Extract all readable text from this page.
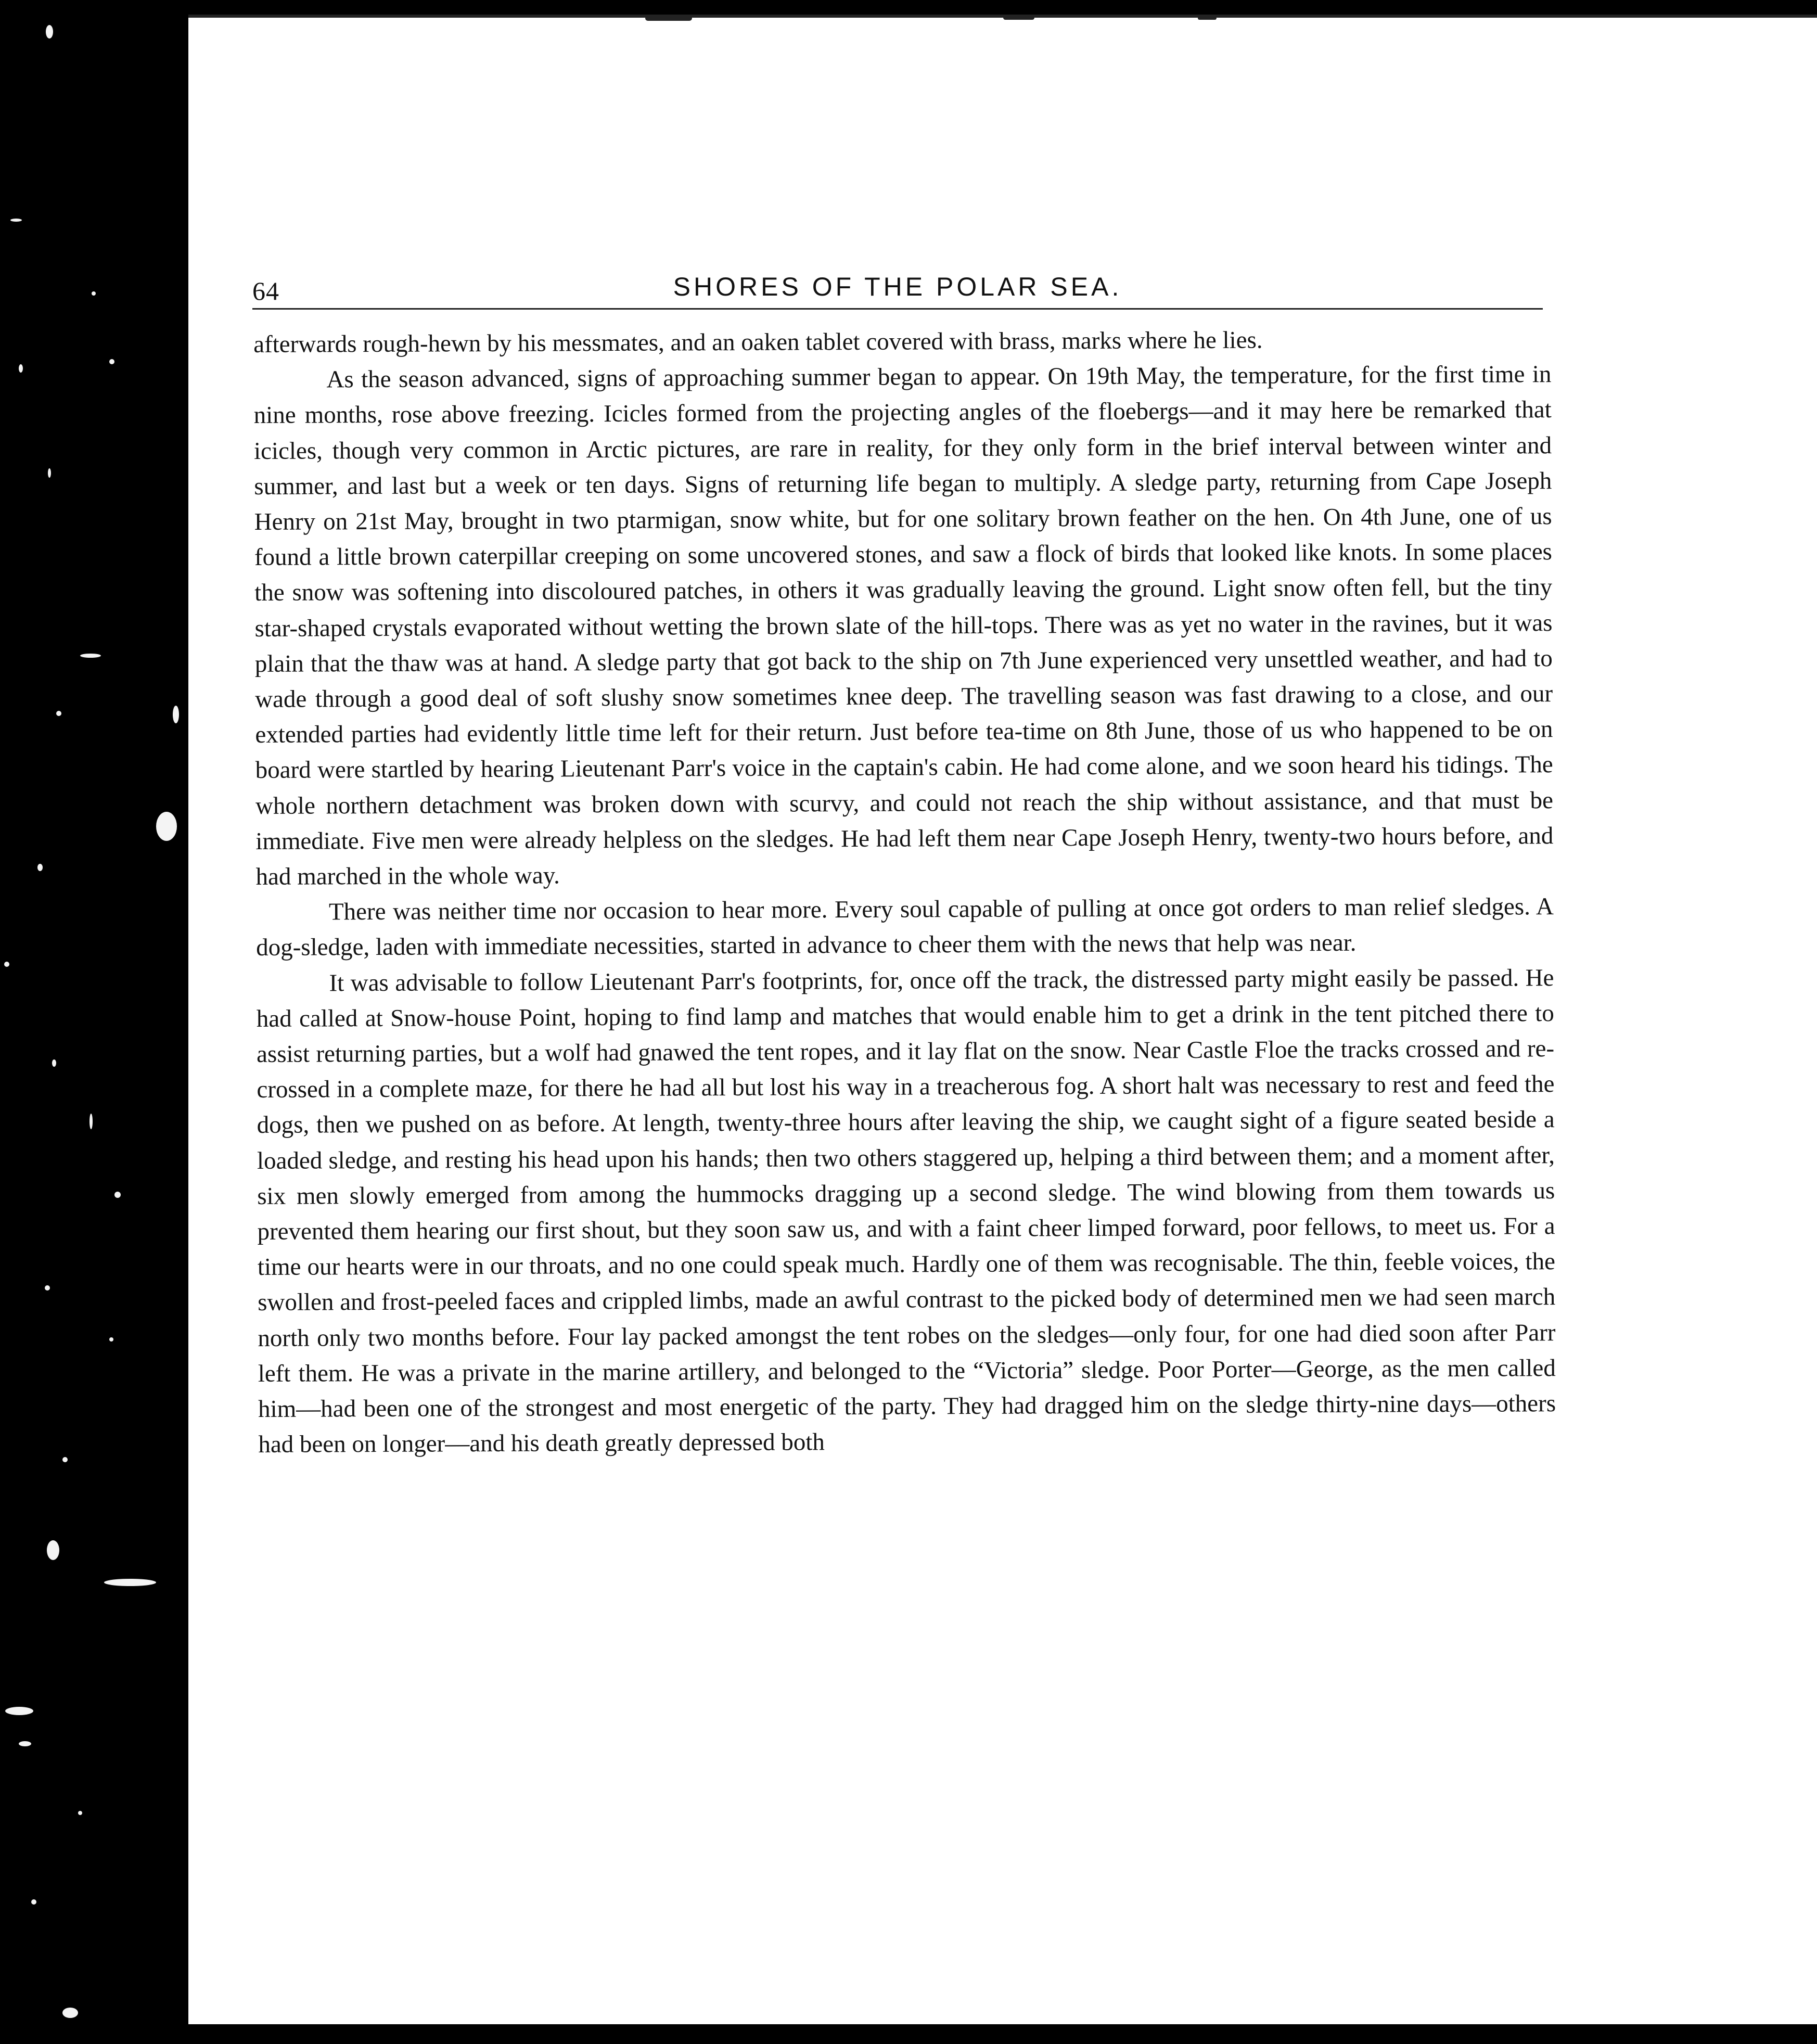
64	SHORES OF THE POLAR SEA.

afterwards rough-hewn by his messmates, and an oaken tablet covered with brass, marks where he lies.

As the season advanced, signs of approaching summer began to appear. On 19th May, the temperature, for the first time in nine months, rose above freezing. Icicles formed from the projecting angles of the floebergs—and it may here be remarked that icicles, though very common in Arctic pictures, are rare in reality, for they only form in the brief interval between winter and summer, and last but a week or ten days. Signs of returning life began to multiply. A sledge party, returning from Cape Joseph Henry on 21st May, brought in two ptarmigan, snow white, but for one solitary brown feather on the hen. On 4th June, one of us found a little brown caterpillar creeping on some uncovered stones, and saw a flock of birds that looked like knots. In some places the snow was softening into discoloured patches, in others it was gradually leaving the ground. Light snow often fell, but the tiny star-shaped crystals evaporated without wetting the brown slate of the hill-tops. There was as yet no water in the ravines, but it was plain that the thaw was at hand. A sledge party that got back to the ship on 7th June experienced very unsettled weather, and had to wade through a good deal of soft slushy snow sometimes knee deep. The travelling season was fast drawing to a close, and our extended parties had evidently little time left for their return. Just before tea-time on 8th June, those of us who happened to be on board were startled by hearing Lieutenant Parr's voice in the captain's cabin. He had come alone, and we soon heard his tidings. The whole northern detachment was broken down with scurvy, and could not reach the ship without assistance, and that must be immediate. Five men were already helpless on the sledges. He had left them near Cape Joseph Henry, twenty-two hours before, and had marched in the whole way.

There was neither time nor occasion to hear more. Every soul capable of pulling at once got orders to man relief sledges. A dog-sledge, laden with immediate necessities, started in advance to cheer them with the news that help was near.

It was advisable to follow Lieutenant Parr's footprints, for, once off the track, the distressed party might easily be passed. He had called at Snow-house Point, hoping to find lamp and matches that would enable him to get a drink in the tent pitched there to assist returning parties, but a wolf had gnawed the tent ropes, and it lay flat on the snow. Near Castle Floe the tracks crossed and re-crossed in a complete maze, for there he had all but lost his way in a treacherous fog. A short halt was necessary to rest and feed the dogs, then we pushed on as before. At length, twenty-three hours after leaving the ship, we caught sight of a figure seated beside a loaded sledge, and resting his head upon his hands; then two others staggered up, helping a third between them; and a moment after, six men slowly emerged from among the hummocks dragging up a second sledge. The wind blowing from them towards us prevented them hearing our first shout, but they soon saw us, and with a faint cheer limped forward, poor fellows, to meet us. For a time our hearts were in our throats, and no one could speak much. Hardly one of them was recognisable. The thin, feeble voices, the swollen and frost-peeled faces and crippled limbs, made an awful contrast to the picked body of determined men we had seen march north only two months before. Four lay packed amongst the tent robes on the sledges—only four, for one had died soon after Parr left them. He was a private in the marine artillery, and belonged to the “Victoria” sledge. Poor Porter—George, as the men called him—had been one of the strongest and most energetic of the party. They had dragged him on the sledge thirty-nine days—others had been on longer—and his death greatly depressed both
